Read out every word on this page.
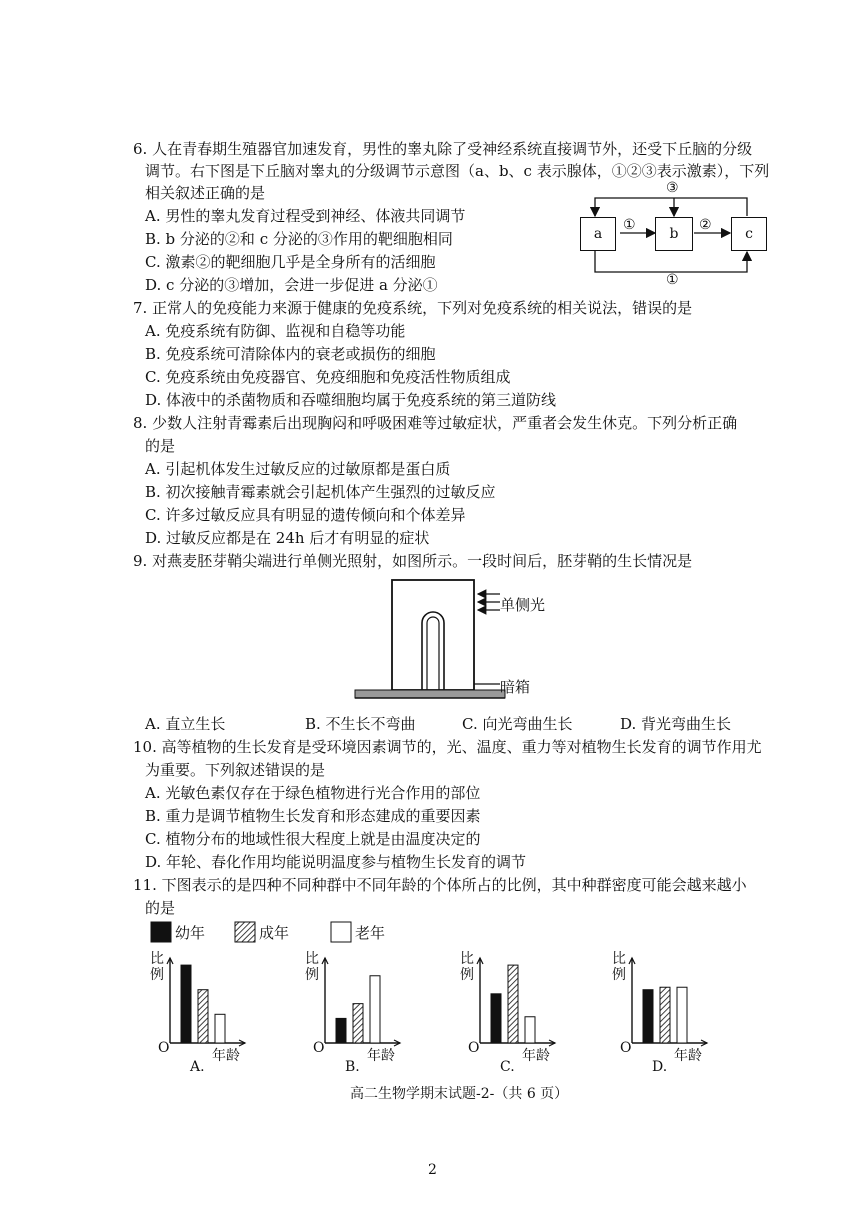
6. 人在青春期生殖器官加速发育，男性的睾丸除了受神经系统直接调节外，还受下丘脑的分级
调节。右下图是下丘脑对睾丸的分级调节示意图（a、b、c 表示腺体，①②③表示激素），下列
相关叙述正确的是
A. 男性的睾丸发育过程受到神经、体液共同调节
B. b 分泌的②和 c 分泌的③作用的靶细胞相同
C. 激素②的靶细胞几乎是全身所有的活细胞
D. c 分泌的③增加，会进一步促进 a 分泌①
a	b	c
①	②
③
①
7. 正常人的免疫能力来源于健康的免疫系统，下列对免疫系统的相关说法，错误的是
A. 免疫系统有防御、监视和自稳等功能
B. 免疫系统可清除体内的衰老或损伤的细胞
C. 免疫系统由免疫器官、免疫细胞和免疫活性物质组成
D. 体液中的杀菌物质和吞噬细胞均属于免疫系统的第三道防线
8. 少数人注射青霉素后出现胸闷和呼吸困难等过敏症状，严重者会发生休克。下列分析正确
的是
A. 引起机体发生过敏反应的过敏原都是蛋白质
B. 初次接触青霉素就会引起机体产生强烈的过敏反应
C. 许多过敏反应具有明显的遗传倾向和个体差异
D. 过敏反应都是在 24h 后才有明显的症状
9. 对燕麦胚芽鞘尖端进行单侧光照射，如图所示。一段时间后，胚芽鞘的生长情况是
单侧光
暗箱
A. 直立生长	B. 不生长不弯曲	C. 向光弯曲生长	D. 背光弯曲生长
10. 高等植物的生长发育是受环境因素调节的，光、温度、重力等对植物生长发育的调节作用尤
为重要。下列叙述错误的是
A. 光敏色素仅存在于绿色植物进行光合作用的部位
B. 重力是调节植物生长发育和形态建成的重要因素
C. 植物分布的地域性很大程度上就是由温度决定的
D. 年轮、春化作用均能说明温度参与植物生长发育的调节
11. 下图表示的是四种不同种群中不同年龄的个体所占的比例，其中种群密度可能会越来越小
的是
幼年	成年	老年
高二生物学期末试题-2-（共 6 页）
2
比
例
O	年龄
A.
比
例
O	年龄
B.
比
例
O	年龄
C.
比
例
O	年龄
D.
